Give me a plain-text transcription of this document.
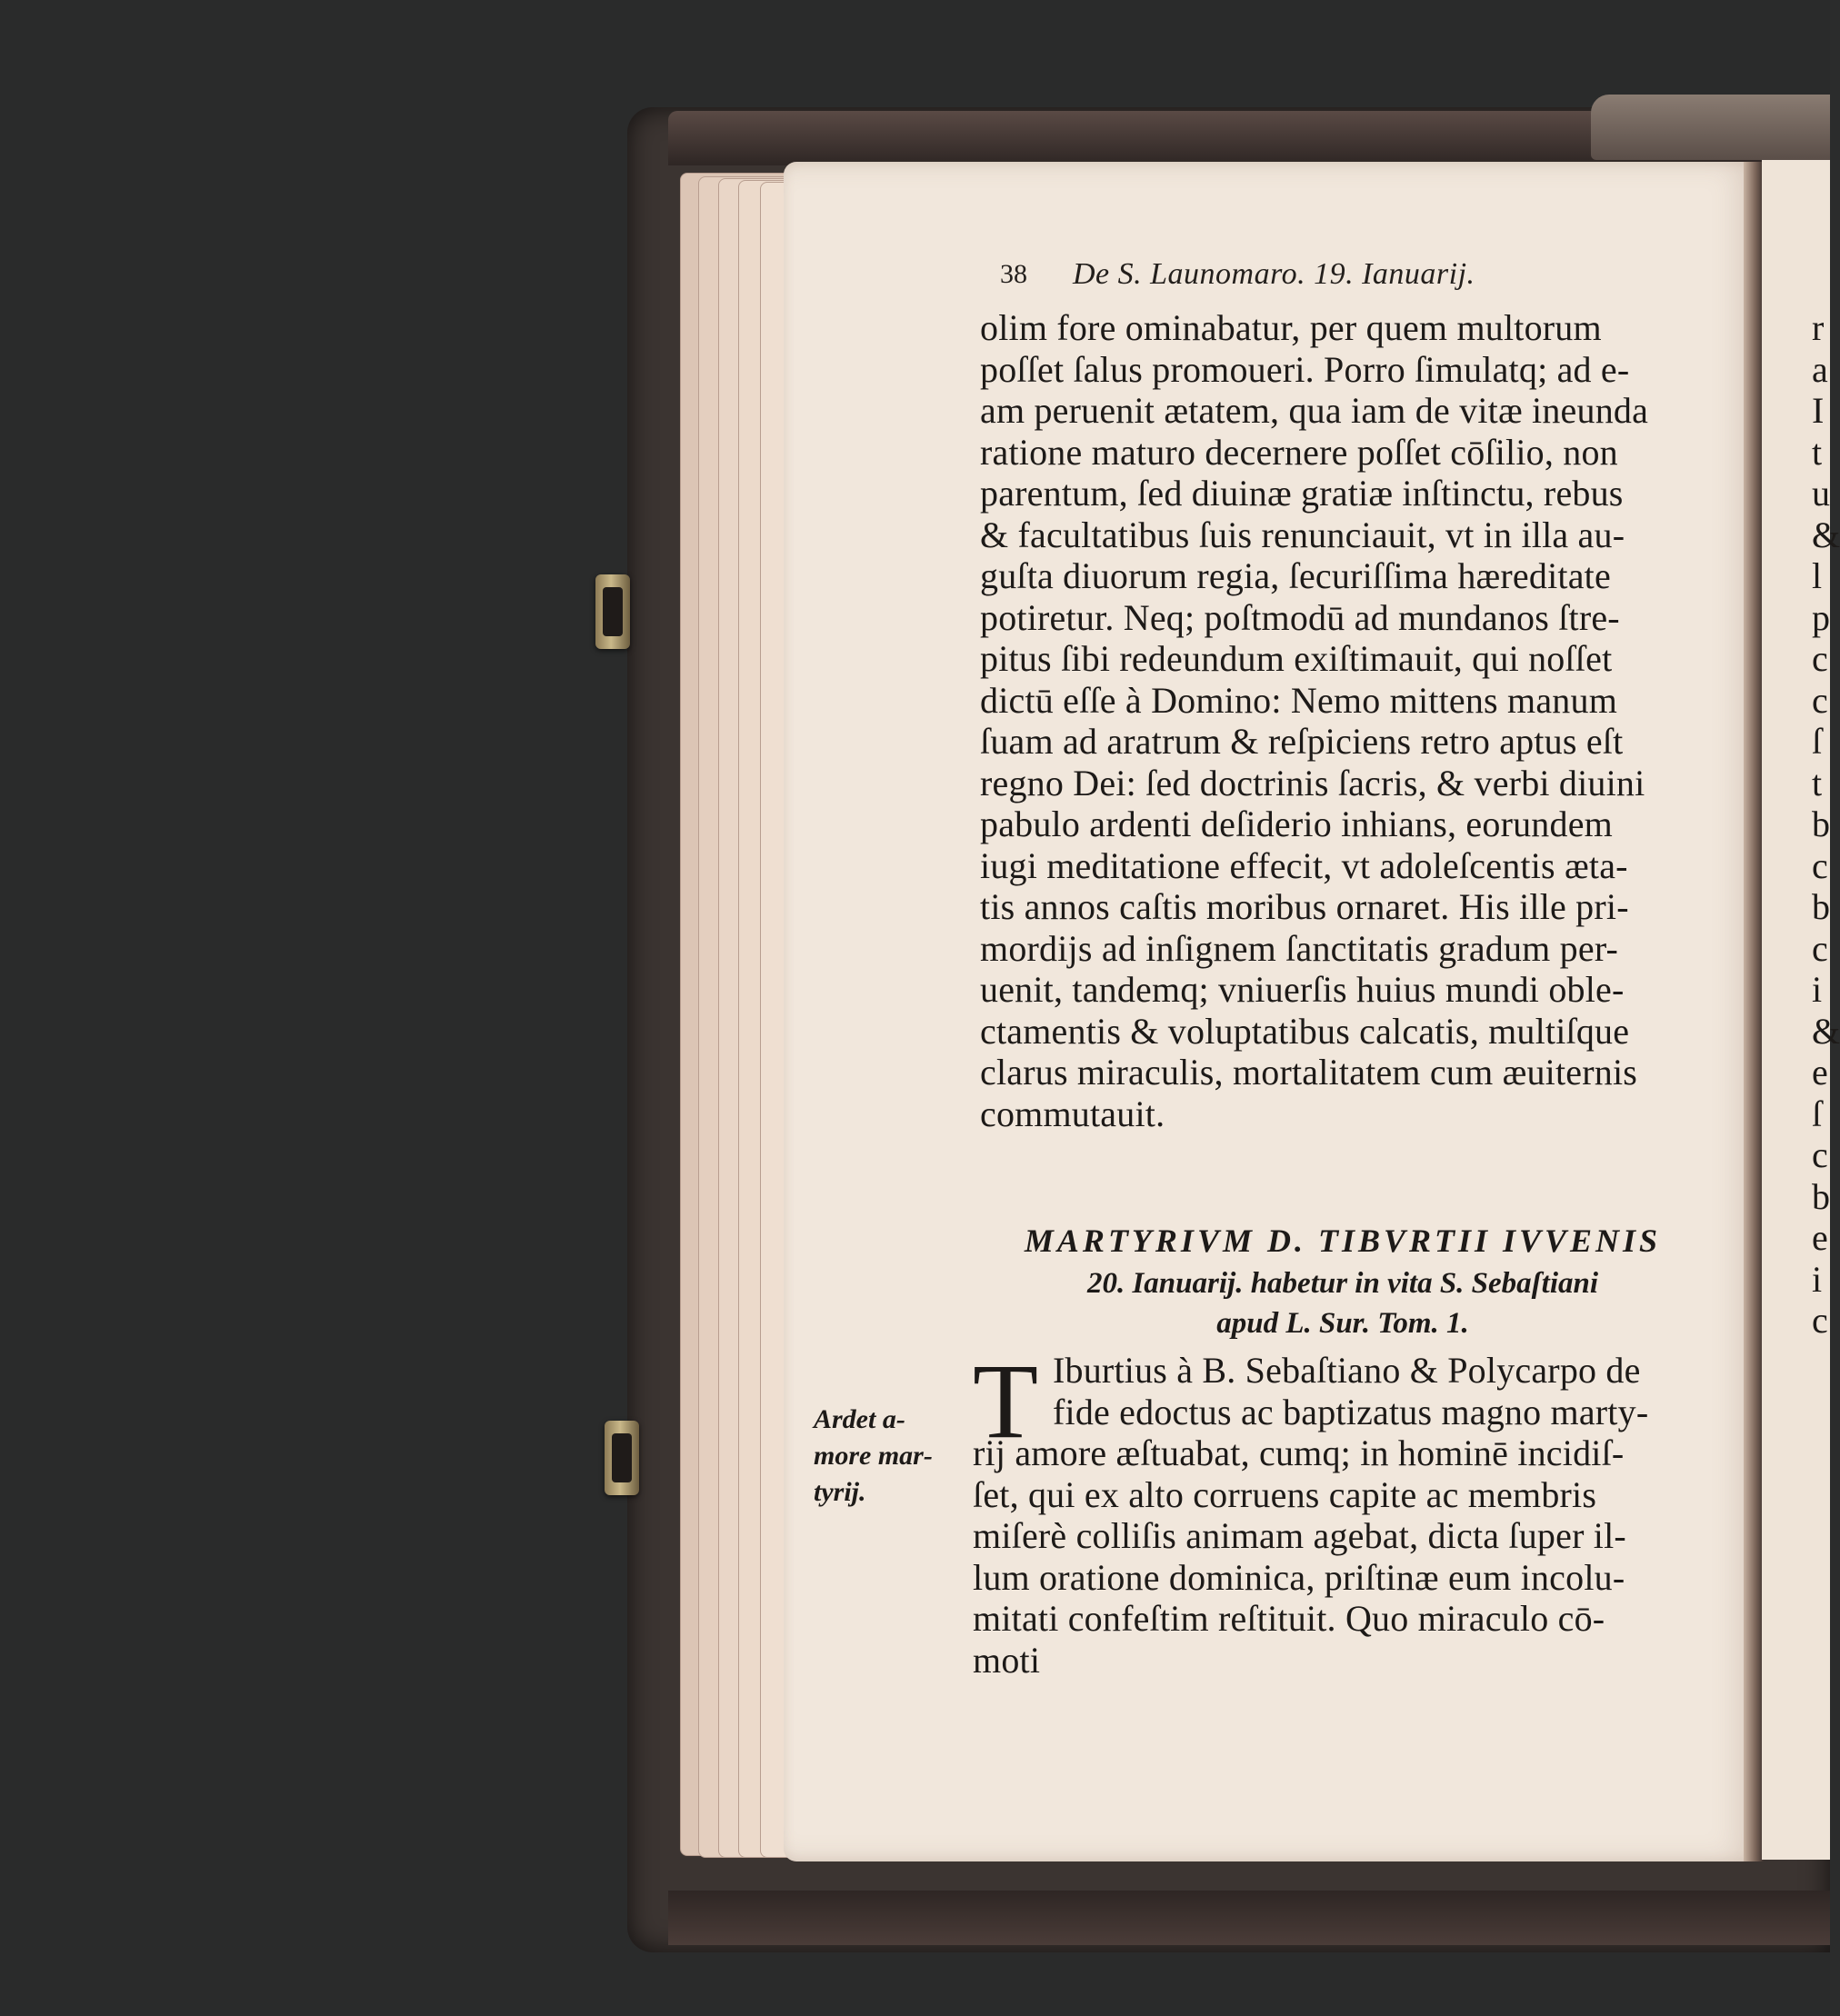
r
a
I
t
u
&
l
p
c
c
ſ
t
b
c
b
c
i
&
e
ſ
c
b
e
i
c
38 De S. Launomaro. 19. Ianuarij.
olim fore ominabatur, per quem multorum
poſſet ſalus promoueri. Porro ſimulatq; ad e-
am peruenit ætatem, qua iam de vitæ ineunda
ratione maturo decernere poſſet cōſilio, non
parentum, ſed diuinæ gratiæ inſtinctu, rebus
& facultatibus ſuis renunciauit, vt in illa au-
guſta diuorum regia, ſecuriſſima hæreditate
potiretur. Neq; poſtmodū ad mundanos ſtre-
pitus ſibi redeundum exiſtimauit, qui noſſet
dictū eſſe à Domino: Nemo mittens manum
ſuam ad aratrum & reſpiciens retro aptus eſt
regno Dei: ſed doctrinis ſacris, & verbi diuini
pabulo ardenti deſiderio inhians, eorundem
iugi meditatione effecit, vt adoleſcentis æta-
tis annos caſtis moribus ornaret. His ille pri-
mordijs ad inſignem ſanctitatis gradum per-
uenit, tandemq; vniuerſis huius mundi oble-
ctamentis & voluptatibus calcatis, multiſque
clarus miraculis, mortalitatem cum æuiternis
commutauit.
MARTYRIVM D. TIBVRTII IVVENIS
20. Ianuarij. habetur in vita S. Sebaſtiani
apud L. Sur. Tom. 1.
T Iburtius à B. Sebaſtiano & Polycarpo de
fide edoctus ac baptizatus magno marty-
rij amore æſtuabat, cumq; in hominē incidiſ-
ſet, qui ex alto corruens capite ac membris
miſerè colliſis animam agebat, dicta ſuper il-
lum oratione dominica, priſtinæ eum incolu-
mitati confeſtim reſtituit. Quo miraculo cō-
moti
Ardet a-
more mar-
tyrij.
